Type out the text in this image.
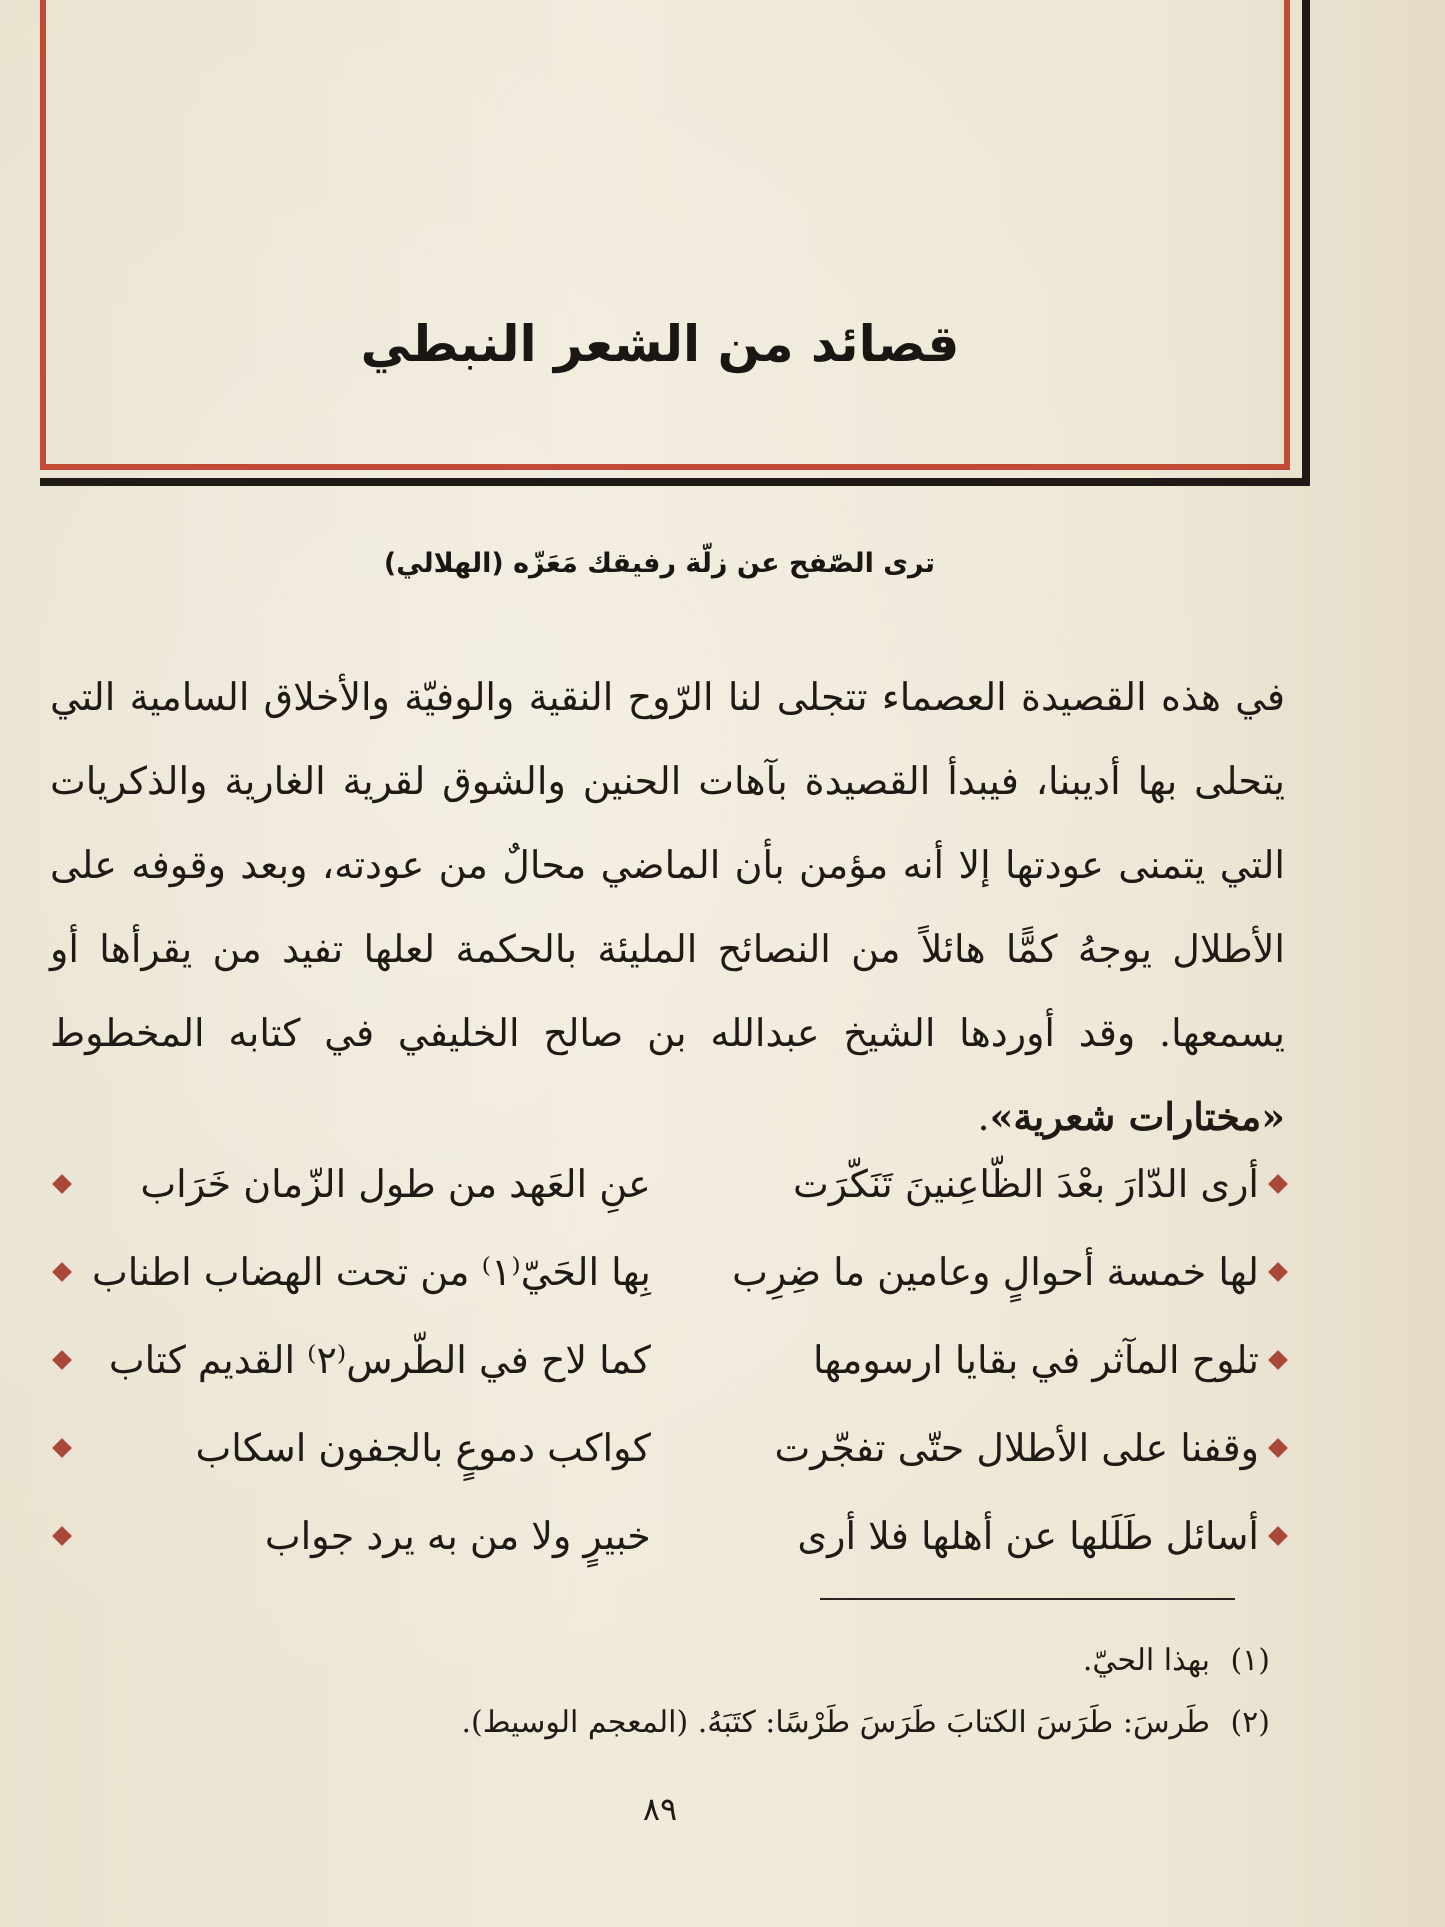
قصائد من الشعر النبطي
ترى الصّفح عن زلّة رفيقك مَعَزّه (الهلالي)
في هذه القصيدة العصماء تتجلى لنا الرّوح النقية والوفيّة والأخلاق السامية التي يتحلى بها أديبنا، فيبدأ القصيدة بآهات الحنين والشوق لقرية الغارية والذكريات التي يتمنى عودتها إلا أنه مؤمن بأن الماضي محالٌ من عودته، وبعد وقوفه على الأطلال يوجهُ كمًّا هائلاً من النصائح المليئة بالحكمة لعلها تفيد من يقرأها أو يسمعها. وقد أوردها الشيخ عبدالله بن صالح الخليفي في كتابه المخطوط «مختارات شعرية».
أرى الدّارَ بعْدَ الظّاعِنينَ تَنَكّرَت
عنِ العَهد من طول الزّمان خَرَاب
لها خمسة أحوالٍ وعامين ما ضِرِب
بِها الحَيّ⁽١⁾ من تحت الهضاب اطناب
تلوح المآثر في بقايا ارسومها
كما لاح في الطّرس⁽٢⁾ القديم كتاب
وقفنا على الأطلال حتّى تفجّرت
كواكب دموعٍ بالجفون اسكاب
أسائل طَلَلها عن أهلها فلا أرى
خبيرٍ ولا من به يرد جواب
(١)
بهذا الحيّ.
(٢)
طَرسَ: طَرَسَ الكتابَ طَرَسَ طَرْسًا: كتَبَهُ. (المعجم الوسيط).
٨٩
